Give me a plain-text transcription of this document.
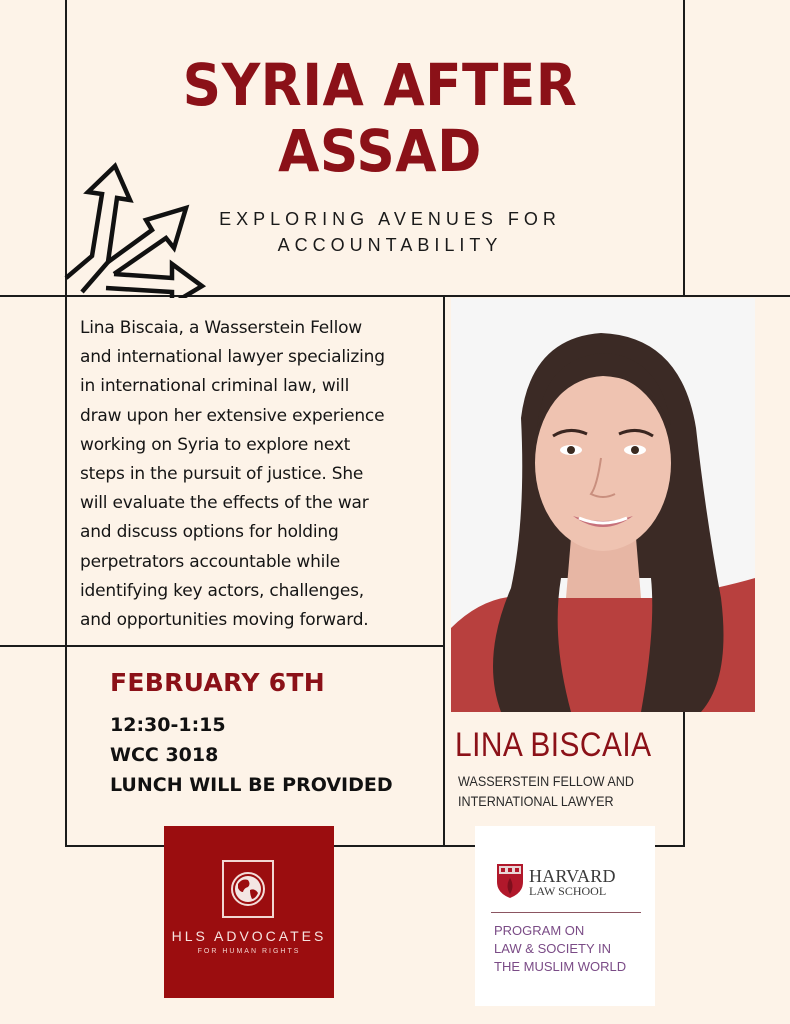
SYRIA AFTER
ASSAD
EXPLORING AVENUES FOR
ACCOUNTABILITY
Lina Biscaia, a Wasserstein Fellow
and international lawyer specializing
in international criminal law, will
draw upon her extensive experience
working on Syria to explore next
steps in the pursuit of justice. She
will evaluate the effects of the war
and discuss options for holding
perpetrators accountable while
identifying key actors, challenges,
and opportunities moving forward.
FEBRUARY 6TH
12:30-1:15
WCC 3018
LUNCH WILL BE PROVIDED
LINA BISCAIA
WASSERSTEIN FELLOW AND
INTERNATIONAL LAWYER
HLS ADVOCATES
FOR HUMAN RIGHTS
HARVARD
LAW SCHOOL
PROGRAM ON
LAW & SOCIETY IN
THE MUSLIM WORLD
